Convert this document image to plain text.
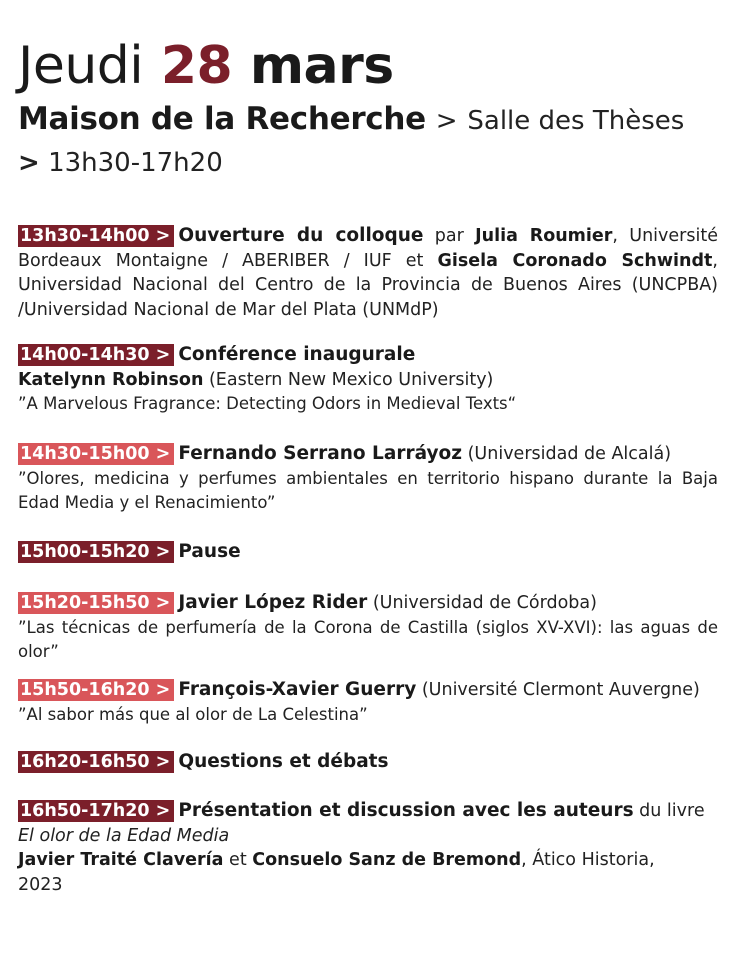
Jeudi 28 mars
Maison de la Recherche > Salle des Thèses
> 13h30-17h20
13h30-14h00 > Ouverture du colloque par Julia Roumier, Université Bordeaux Montaigne / ABERIBER / IUF et Gisela Coronado Schwindt, Universidad Nacional del Centro de la Provincia de Buenos Aires (UNCPBA) /Universidad Nacional de Mar del Plata (UNMdP)
14h00-14h30 > Conférence inaugurale
Katelynn Robinson (Eastern New Mexico University)
”A Marvelous Fragrance: Detecting Odors in Medieval Texts“
14h30-15h00 > Fernando Serrano Larráyoz (Universidad de Alcalá)
”Olores, medicina y perfumes ambientales en territorio hispano durante la Baja Edad Media y el Renacimiento”
15h00-15h20 > Pause
15h20-15h50 > Javier López Rider (Universidad de Córdoba)
”Las técnicas de perfumería de la Corona de Castilla (siglos XV-XVI): las aguas de olor”
15h50-16h20 > François-Xavier Guerry (Université Clermont Auvergne)
”Al sabor más que al olor de La Celestina”
16h20-16h50 > Questions et débats
16h50-17h20 > Présentation et discussion avec les auteurs du livre
El olor de la Edad Media
Javier Traité Clavería et Consuelo Sanz de Bremond, Ático Historia, 2023
